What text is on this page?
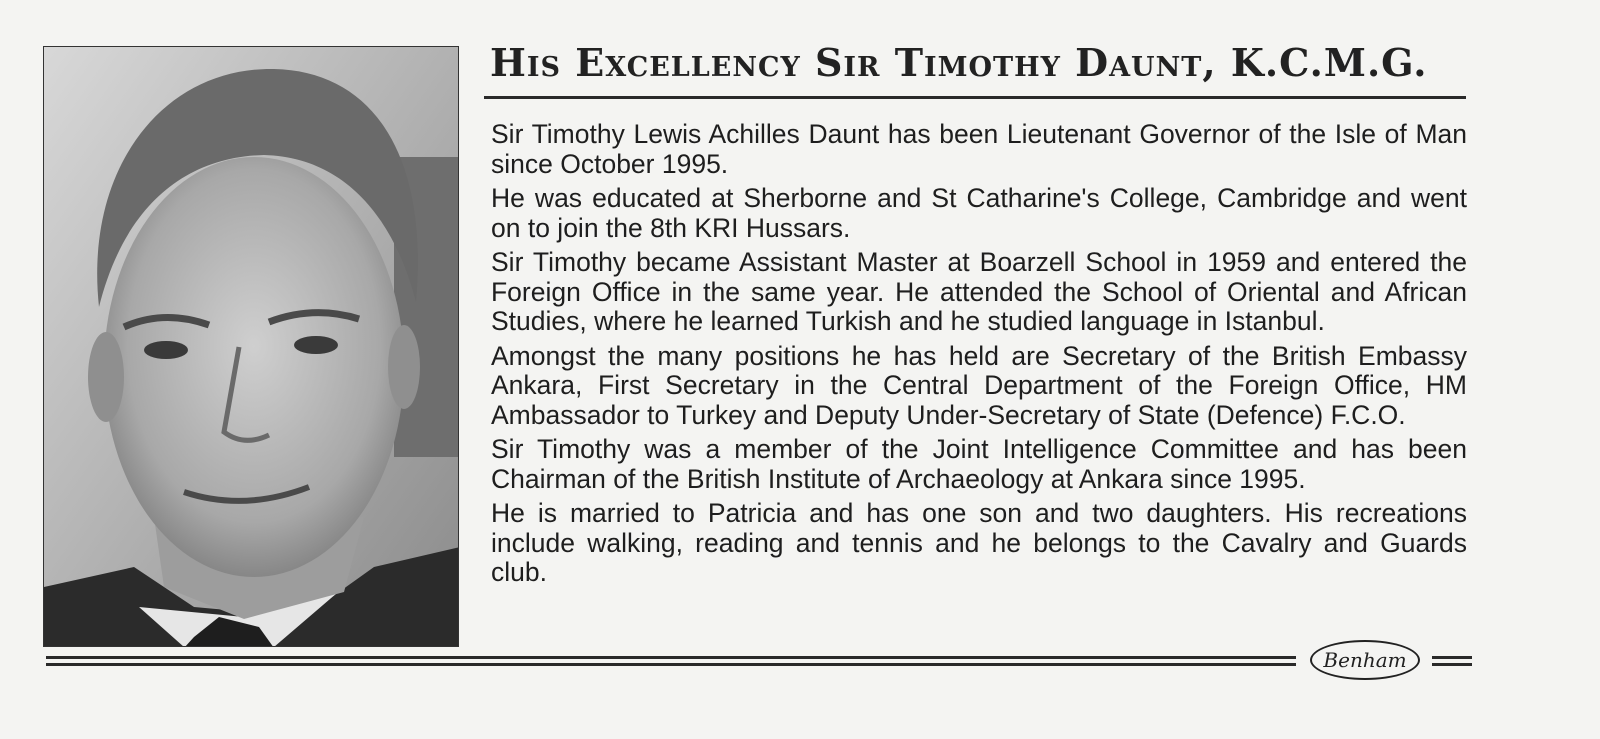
His Excellency Sir Timothy Daunt, K.C.M.G.

Sir Timothy Lewis Achilles Daunt has been Lieutenant Governor of the Isle of Man since October 1995.

He was educated at Sherborne and St Catharine's College, Cambridge and went on to join the 8th KRI Hussars.

Sir Timothy became Assistant Master at Boarzell School in 1959 and entered the Foreign Office in the same year. He attended the School of Oriental and African Studies, where he learned Turkish and he studied language in Istanbul.

Amongst the many positions he has held are Secretary of the British Embassy Ankara, First Secretary in the Central Department of the Foreign Office, HM Ambassador to Turkey and Deputy Under-Secretary of State (Defence) F.C.O.

Sir Timothy was a member of the Joint Intelligence Committee and has been Chairman of the British Institute of Archaeology at Ankara since 1995.

He is married to Patricia and has one son and two daughters. His recreations include walking, reading and tennis and he belongs to the Cavalry and Guards club.

Benham
